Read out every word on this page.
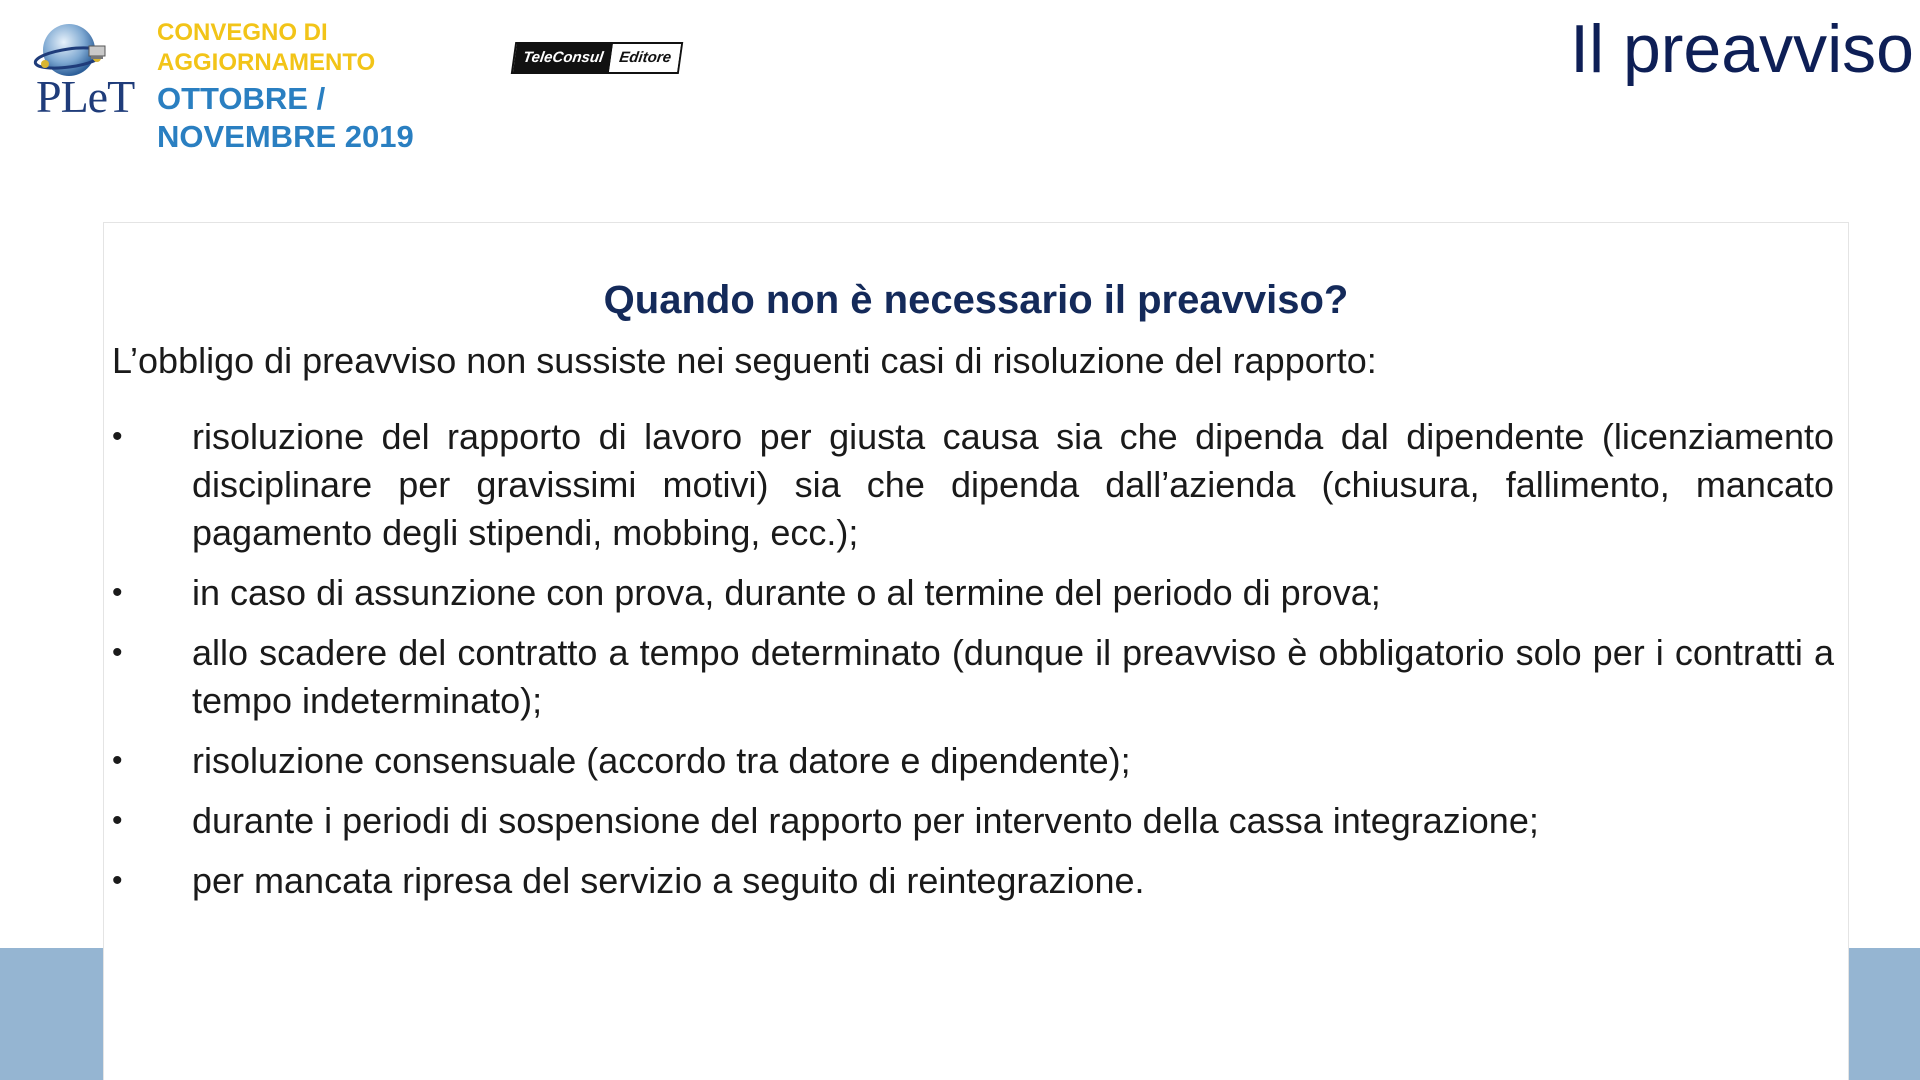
PLeT
CONVEGNO DI
AGGIORNAMENTO
OTTOBRE /
NOVEMBRE 2019
TeleConsul Editore	Il preavviso
Quando non è necessario il preavviso?
L’obbligo di preavviso non sussiste nei seguenti casi di risoluzione del rapporto:
• risoluzione del rapporto di lavoro per giusta causa sia che dipenda dal dipendente (licenziamento disciplinare per gravissimi motivi) sia che dipenda dall’azienda (chiusura, fallimento, mancato pagamento degli stipendi, mobbing, ecc.);
• in caso di assunzione con prova, durante o al termine del periodo di prova;
• allo scadere del contratto a tempo determinato (dunque il preavviso è obbligatorio solo per i contratti a tempo indeterminato);
• risoluzione consensuale (accordo tra datore e dipendente);
• durante i periodi di sospensione del rapporto per intervento della cassa integrazione;
• per mancata ripresa del servizio a seguito di reintegrazione.
